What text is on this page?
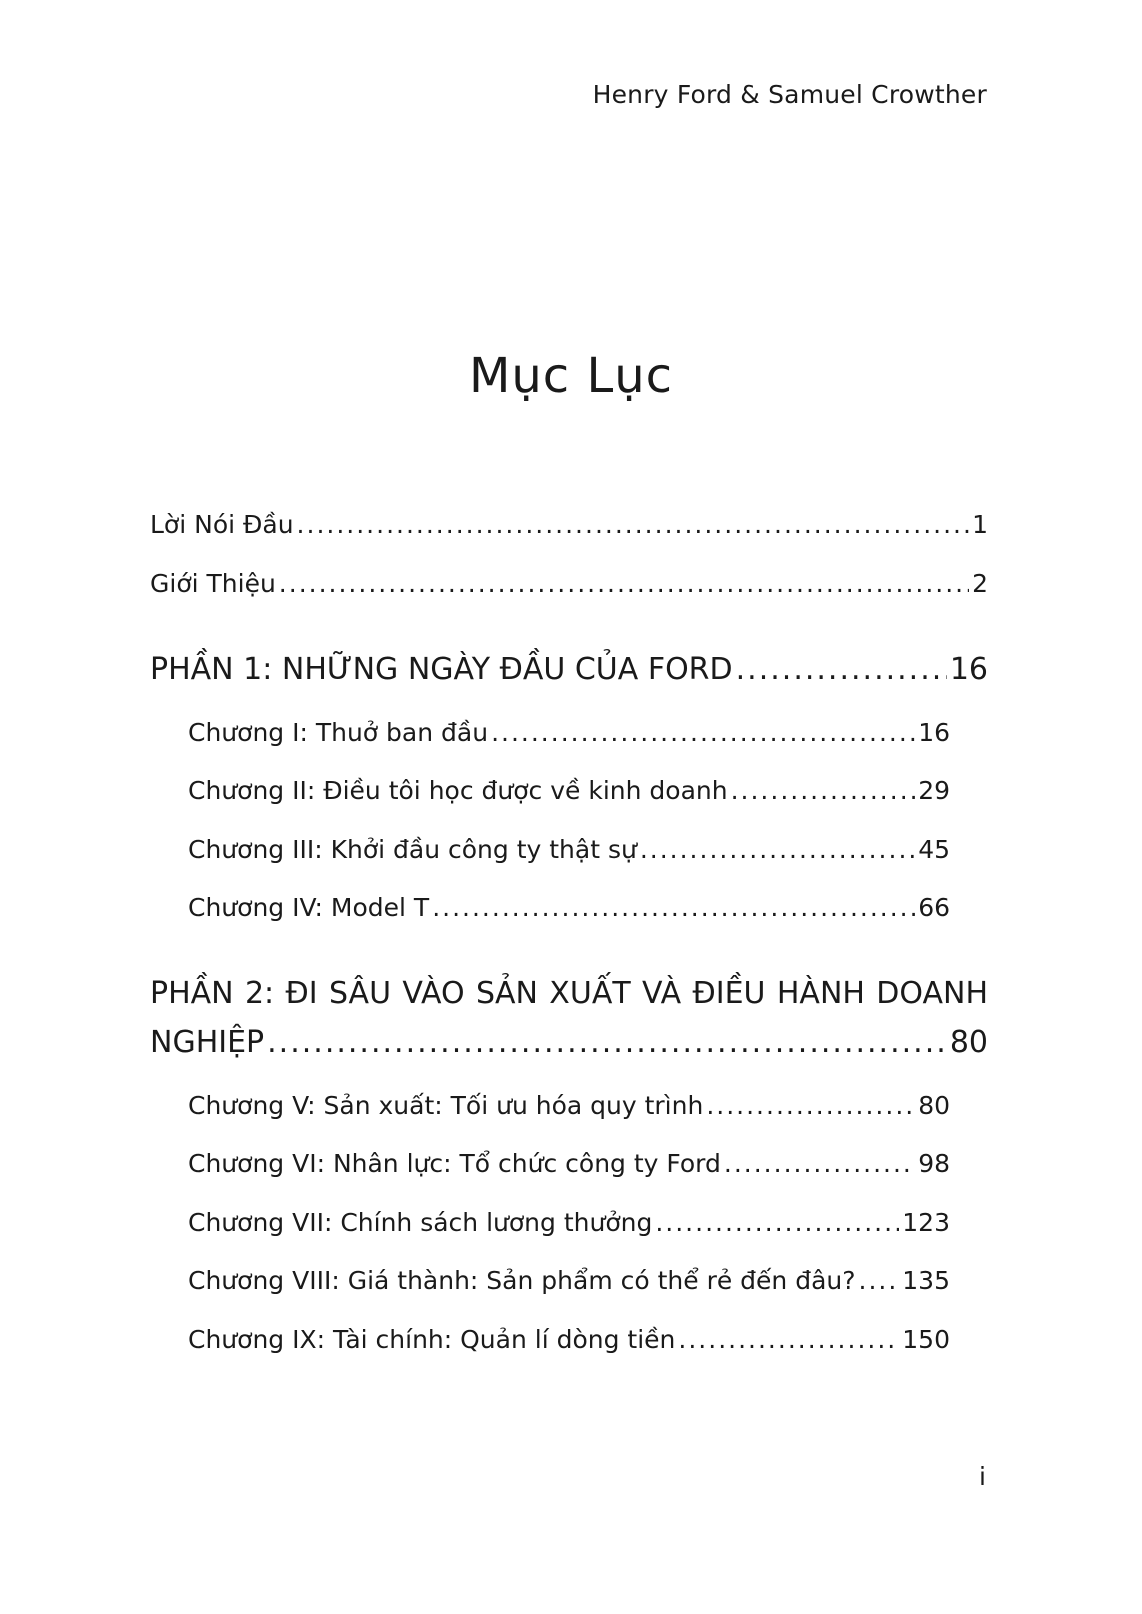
Henry Ford & Samuel Crowther
Mục Lục
Lời Nói Đầu .....	1
Giới Thiệu .....	2
PHẦN 1: NHỮNG NGÀY ĐẦU CỦA FORD .....	16
Chương I: Thuở ban đầu .....	16
Chương II: Điều tôi học được về kinh doanh .....	29
Chương III: Khởi đầu công ty thật sự .....	45
Chương IV: Model T .....	66
PHẦN 2: ĐI SÂU VÀO SẢN XUẤT VÀ ĐIỀU HÀNH DOANH
NGHIỆP .....	80
Chương V: Sản xuất: Tối ưu hóa quy trình .....	80
Chương VI: Nhân lực: Tổ chức công ty Ford .....	98
Chương VII: Chính sách lương thưởng .....	123
Chương VIII: Giá thành: Sản phẩm có thể rẻ đến đâu? ..... 135
Chương IX: Tài chính: Quản lí dòng tiền .....	150
i
